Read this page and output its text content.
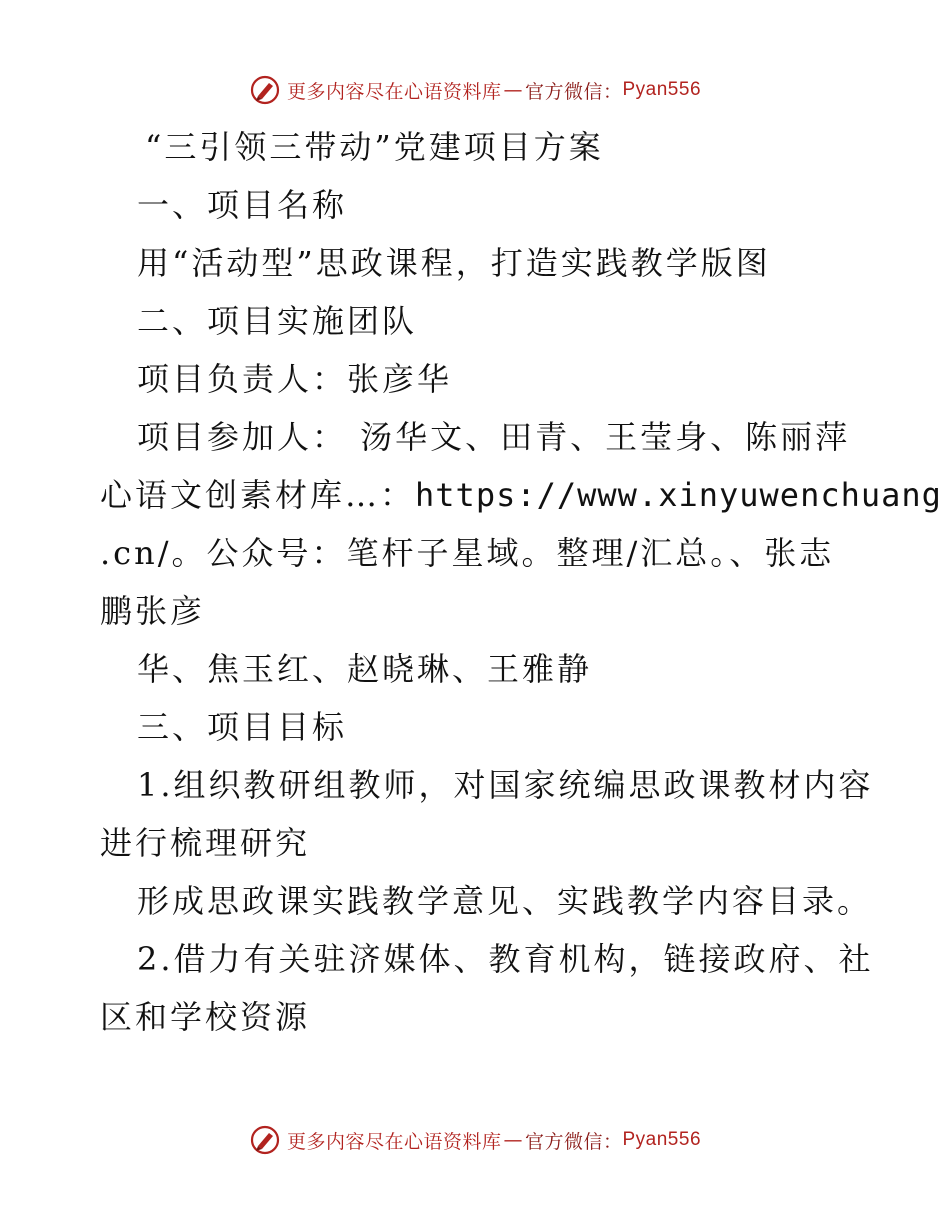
更多内容尽在心语资料库 — 官方微信： Pyan556
“三引领三带动”党建项目方案
一、项目名称
用“活动型”思政课程，打造实践教学版图
二、项目实施团队
项目负责人：张彦华
项目参加人： 汤华文、田青、王莹身、陈丽萍
心语文创素材库…：https://www.xinyuwenchuang
.cn/。公众号：笔杆子星域。整理/汇总。、张志
鹏张彦
华、焦玉红、赵晓琳、王雅静
三、项目目标
1.组织教研组教师，对国家统编思政课教材内容
进行梳理研究
形成思政课实践教学意见、实践教学内容目录。
2.借力有关驻济媒体、教育机构，链接政府、社
区和学校资源
更多内容尽在心语资料库 — 官方微信： Pyan556
